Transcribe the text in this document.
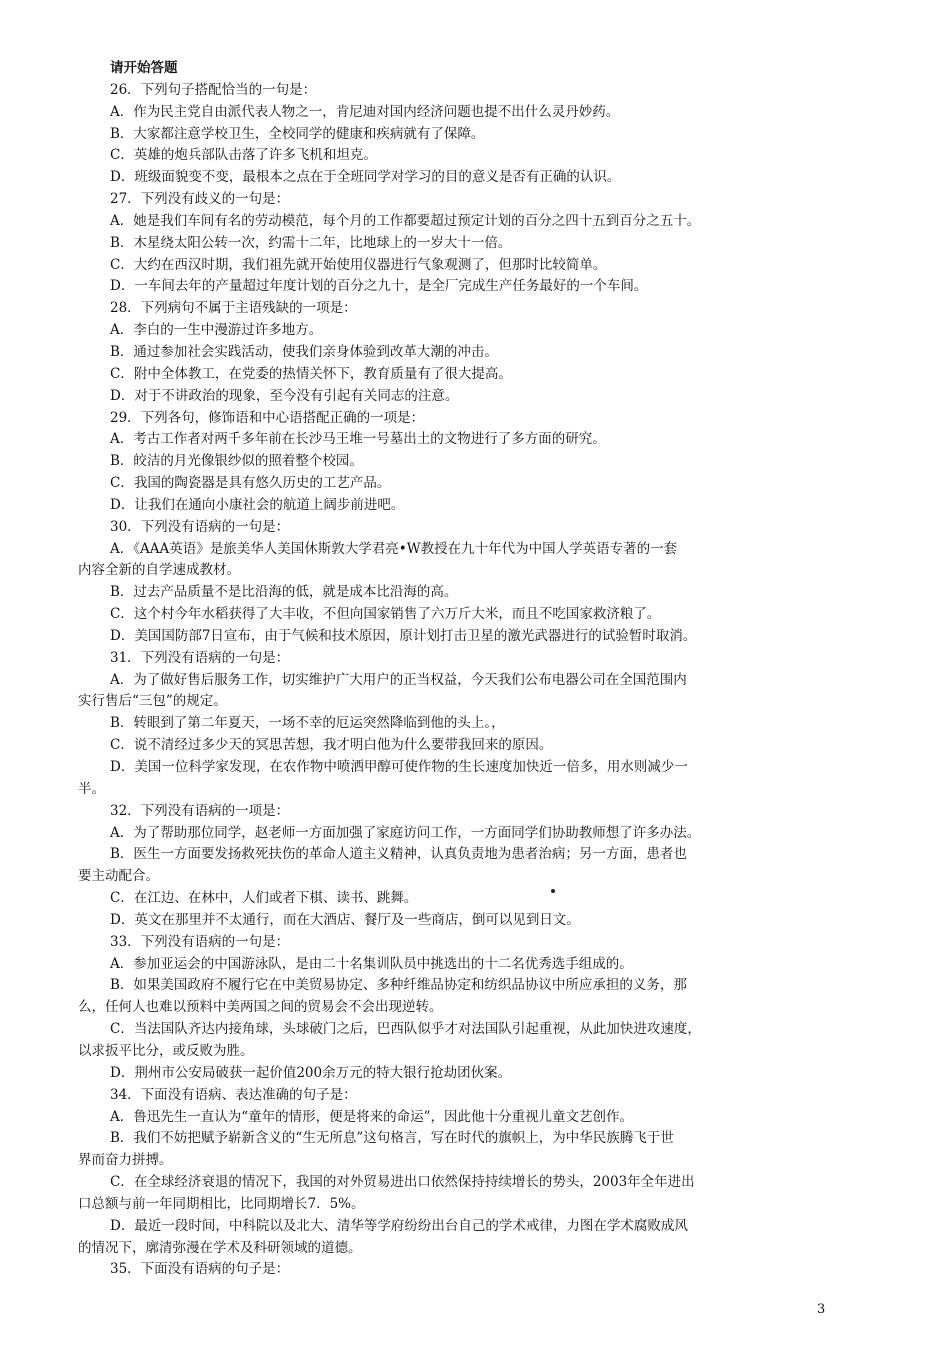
请开始答题
26．下列句子搭配恰当的一句是：
A．作为民主党自由派代表人物之一，肯尼迪对国内经济问题也提不出什么灵丹妙药。
B．大家都注意学校卫生，全校同学的健康和疾病就有了保障。
C．英雄的炮兵部队击落了许多飞机和坦克。
D．班级面貌变不变，最根本之点在于全班同学对学习的目的意义是否有正确的认识。
27．下列没有歧义的一句是：
A．她是我们车间有名的劳动模范，每个月的工作都要超过预定计划的百分之四十五到百分之五十。
B．木星绕太阳公转一次，约需十二年，比地球上的一岁大十一倍。
C．大约在西汉时期，我们祖先就开始使用仪器进行气象观测了，但那时比较简单。
D．一车间去年的产量超过年度计划的百分之九十，是全厂完成生产任务最好的一个车间。
28．下列病句不属于主语残缺的一项是：
A．李白的一生中漫游过许多地方。
B．通过参加社会实践活动，使我们亲身体验到改革大潮的冲击。
C．附中全体教工，在党委的热情关怀下，教育质量有了很大提高。
D．对于不讲政治的现象，至今没有引起有关同志的注意。
29．下列各句，修饰语和中心语搭配正确的一项是：
A．考古工作者对两千多年前在长沙马王堆一号墓出土的文物进行了多方面的研究。
B．皎洁的月光像银纱似的照着整个校园。
C．我国的陶瓷器是具有悠久历史的工艺产品。
D．让我们在通向小康社会的航道上阔步前进吧。
30．下列没有语病的一句是：
A．《AAA英语》是旅美华人美国休斯敦大学君亮•W教授在九十年代为中国人学英语专著的一套
内容全新的自学速成教材。
B．过去产品质量不是比沿海的低，就是成本比沿海的高。
C．这个村今年水稻获得了大丰收，不但向国家销售了六万斤大米，而且不吃国家救济粮了。
D．美国国防部7日宣布，由于气候和技术原因，原计划打击卫星的激光武器进行的试验暂时取消。
31．下列没有语病的一句是：
A．为了做好售后服务工作，切实维护广大用户的正当权益，今天我们公布电器公司在全国范围内
实行售后“三包”的规定。
B．转眼到了第二年夏天，一场不幸的厄运突然降临到他的头上。，
C．说不清经过多少天的冥思苦想，我才明白他为什么要带我回来的原因。
D．美国一位科学家发现，在农作物中喷洒甲醇可使作物的生长速度加快近一倍多，用水则减少一
半。
32．下列没有语病的一项是：
A．为了帮助那位同学，赵老师一方面加强了家庭访问工作，一方面同学们协助教师想了许多办法。
B．医生一方面要发扬救死扶伤的革命人道主义精神，认真负责地为患者治病；另一方面，患者也
要主动配合。
C．在江边、在林中，人们或者下棋、读书、跳舞。
D．英文在那里并不太通行，而在大酒店、餐厅及一些商店，倒可以见到日文。
33．下列没有语病的一句是：
A．参加亚运会的中国游泳队，是由二十名集训队员中挑选出的十二名优秀选手组成的。
B．如果美国政府不履行它在中美贸易协定、多种纤维品协定和纺织品协议中所应承担的义务，那
么，任何人也难以预料中美两国之间的贸易会不会出现逆转。
C．当法国队齐达内接角球，头球破门之后，巴西队似乎才对法国队引起重视，从此加快进攻速度，
以求扳平比分，或反败为胜。
D．荆州市公安局破获一起价值200余万元的特大银行抢劫团伙案。
34．下面没有语病、表达准确的句子是：
A．鲁迅先生一直认为“童年的情形，便是将来的命运”，因此他十分重视儿童文艺创作。
B．我们不妨把赋予崭新含义的“生无所息”这句格言，写在时代的旗帜上，为中华民族腾飞于世
界而奋力拼搏。
C．在全球经济衰退的情况下，我国的对外贸易进出口依然保持持续增长的势头，2003年全年进出
口总额与前一年同期相比，比同期增长7．5%。
D．最近一段时间，中科院以及北大、清华等学府纷纷出台自己的学术戒律，力图在学术腐败成风
的情况下，廓清弥漫在学术及科研领域的道德。
35．下面没有语病的句子是：
3
